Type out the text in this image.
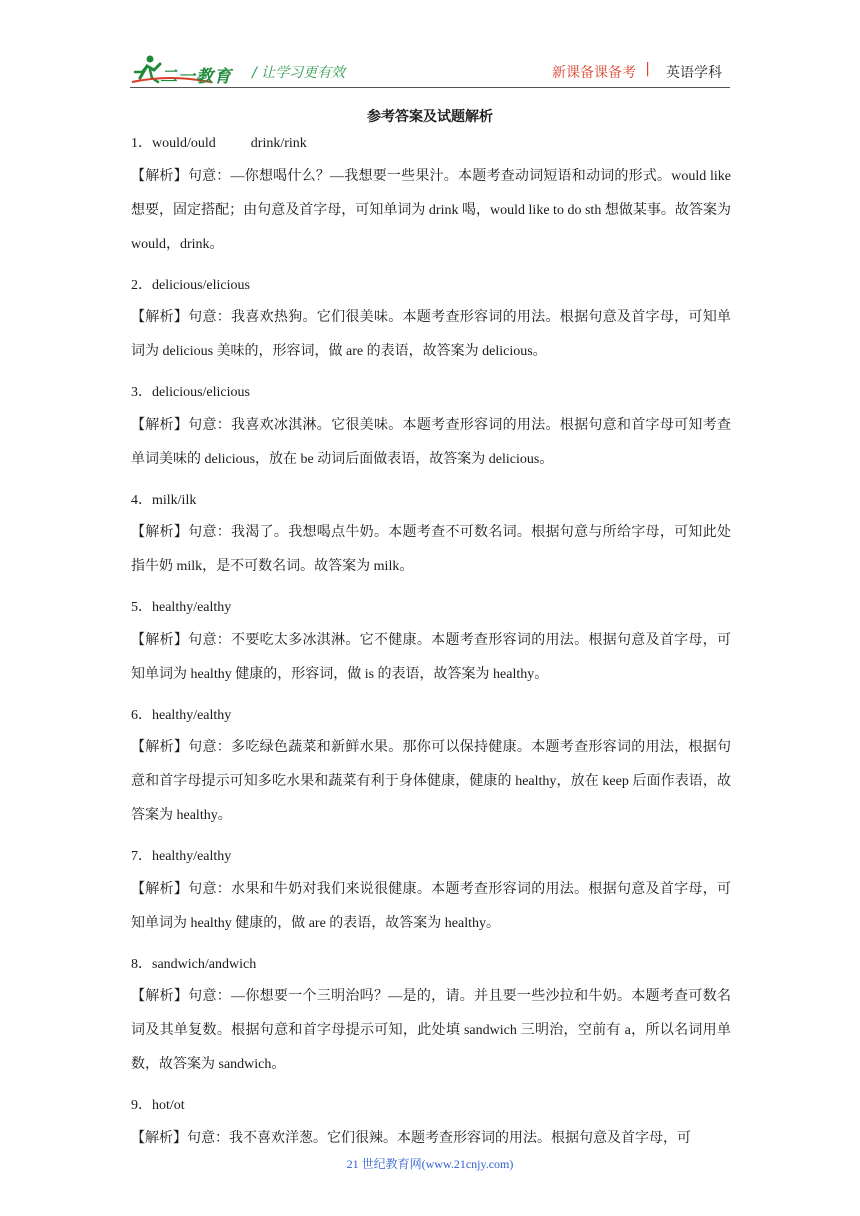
二一教育 / 让学习更有效	新课备课备考 | 英语学科
参考答案及试题解析
1．would/ould          drink/rink
【解析】句意：—你想喝什么？—我想要一些果汁。本题考查动词短语和动词的形式。would like 想要，固定搭配；由句意及首字母，可知单词为 drink 喝，would like to do sth 想做某事。故答案为 would，drink。
2．delicious/elicious
【解析】句意：我喜欢热狗。它们很美味。本题考查形容词的用法。根据句意及首字母，可知单词为 delicious 美味的，形容词，做 are 的表语，故答案为 delicious。
3．delicious/elicious
【解析】句意：我喜欢冰淇淋。它很美味。本题考查形容词的用法。根据句意和首字母可知考查单词美味的 delicious，放在 be 动词后面做表语，故答案为 delicious。
4．milk/ilk
【解析】句意：我渴了。我想喝点牛奶。本题考查不可数名词。根据句意与所给字母，可知此处指牛奶 milk，是不可数名词。故答案为 milk。
5．healthy/ealthy
【解析】句意：不要吃太多冰淇淋。它不健康。本题考查形容词的用法。根据句意及首字母，可知单词为 healthy 健康的，形容词，做 is 的表语，故答案为 healthy。
6．healthy/ealthy
【解析】句意：多吃绿色蔬菜和新鲜水果。那你可以保持健康。本题考查形容词的用法，根据句意和首字母提示可知多吃水果和蔬菜有利于身体健康，健康的 healthy，放在 keep 后面作表语，故答案为 healthy。
7．healthy/ealthy
【解析】句意：水果和牛奶对我们来说很健康。本题考查形容词的用法。根据句意及首字母，可知单词为 healthy 健康的，做 are 的表语，故答案为 healthy。
8．sandwich/andwich
【解析】句意：—你想要一个三明治吗？—是的，请。并且要一些沙拉和牛奶。本题考查可数名词及其单复数。根据句意和首字母提示可知，此处填 sandwich 三明治，空前有 a，所以名词用单数，故答案为 sandwich。
9．hot/ot
【解析】句意：我不喜欢洋葱。它们很辣。本题考查形容词的用法。根据句意及首字母，可
21 世纪教育网(www.21cnjy.com)
